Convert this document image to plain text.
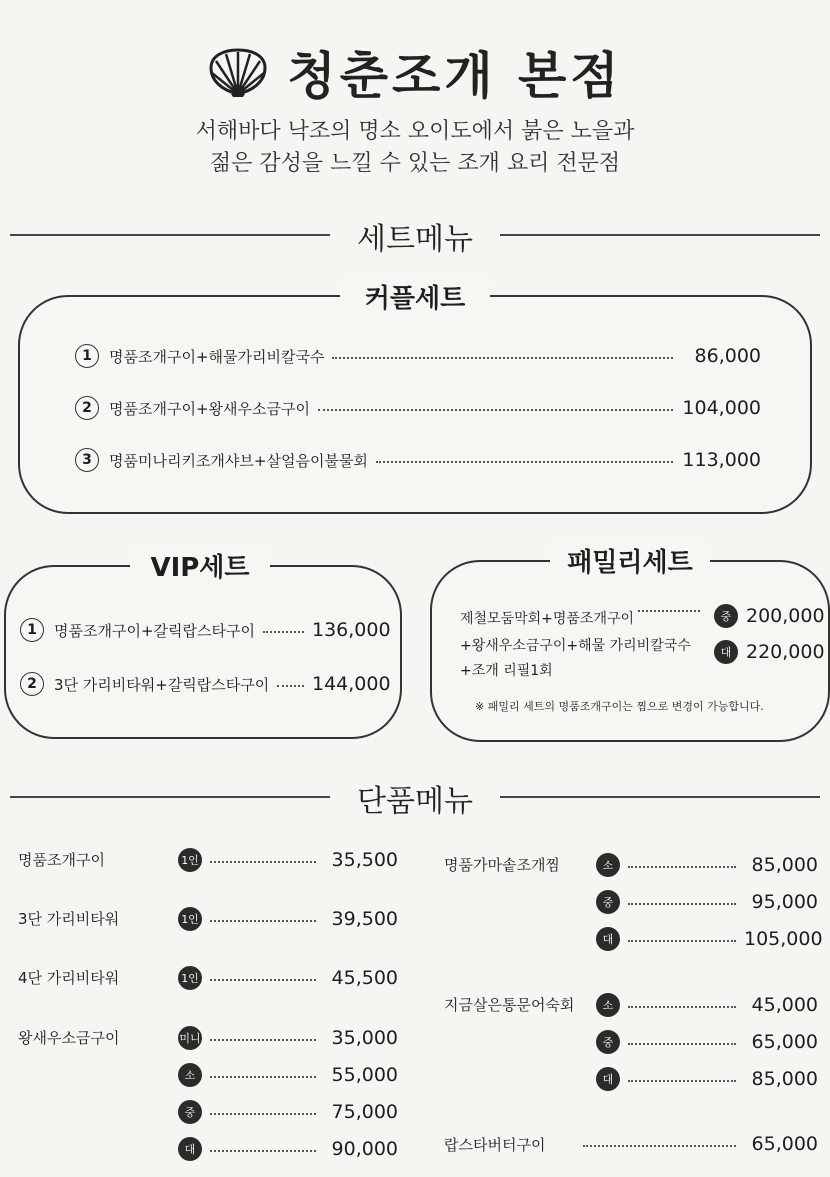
청춘조개 본점
서해바다 낙조의 명소 오이도에서 붉은 노을과
젊은 감성을 느낄 수 있는 조개 요리 전문점
세트메뉴
커플세트
1	명품조개구이+해물가리비칼국수	86,000
2	명품조개구이+왕새우소금구이	104,000
3	명품미나리키조개샤브+살얼음이불물회	113,000
VIP세트
1	명품조개구이+갈릭랍스타구이	136,000
2	3단 가리비타워+갈릭랍스타구이 144,000
패밀리세트
제철모둠막회+명품조개구이
+왕새우소금구이+해물 가리비칼국수
+조개 리필1회
중 200,000
대 220,000
※ 패밀리 세트의 명품조개구이는 찜으로 변경이 가능합니다.
단품메뉴
명품조개구이	1인	35,500
3단 가리비타워	1인	39,500
4단 가리비타워	1인	45,500
왕새우소금구이	미니	35,000
소	55,000
중	75,000
대	90,000
명품가마솥조개찜	소	85,000
중	95,000
대	105,000
지금살은통문어숙회	소	45,000
중	65,000
대	85,000
랍스타버터구이	65,000
